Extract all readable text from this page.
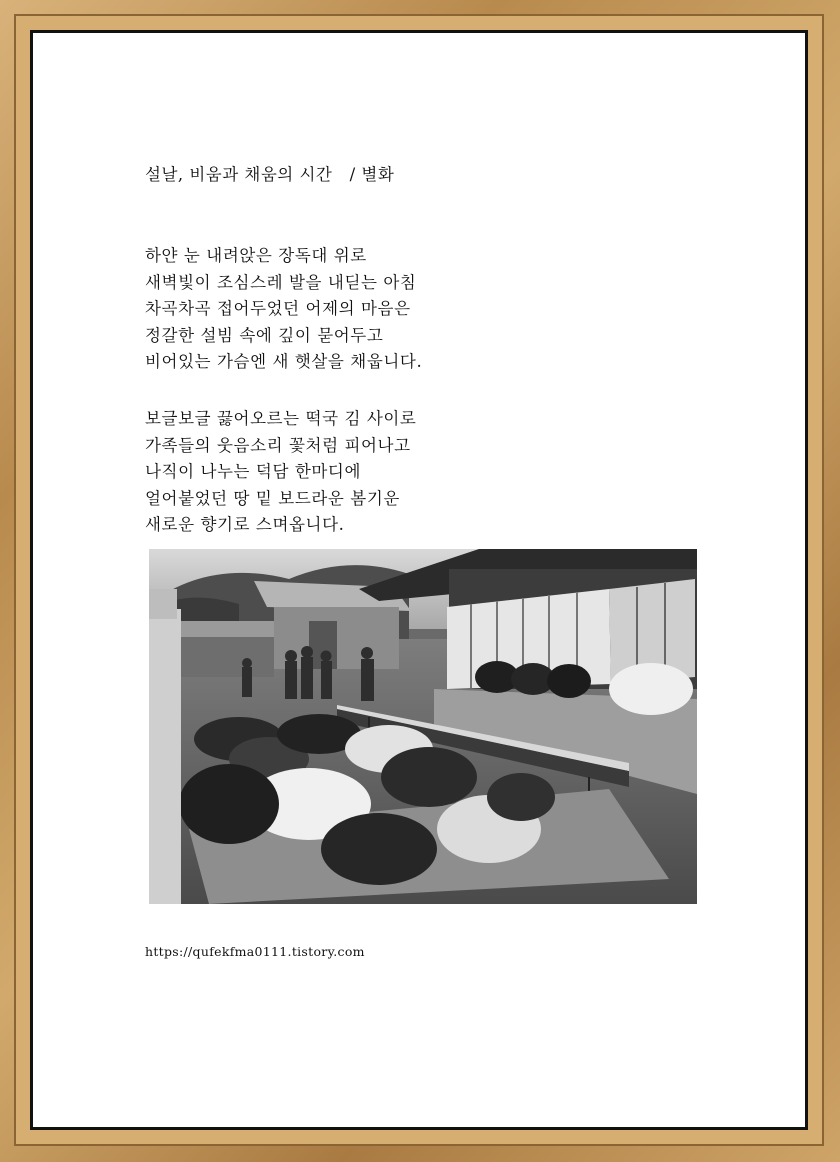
설날, 비움과 채움의 시간   / 별화
하얀 눈 내려앉은 장독대 위로
새벽빛이 조심스레 발을 내딛는 아침
차곡차곡 접어두었던 어제의 마음은
정갈한 설빔 속에 깊이 묻어두고
비어있는 가슴엔 새 햇살을 채웁니다.
보글보글 끓어오르는 떡국 김 사이로
가족들의 웃음소리 꽃처럼 피어나고
나직이 나누는 덕담 한마디에
얼어붙었던 땅 밑 보드라운 봄기운
새로운 향기로 스며옵니다.
https://qufekfma0111.tistory.com
